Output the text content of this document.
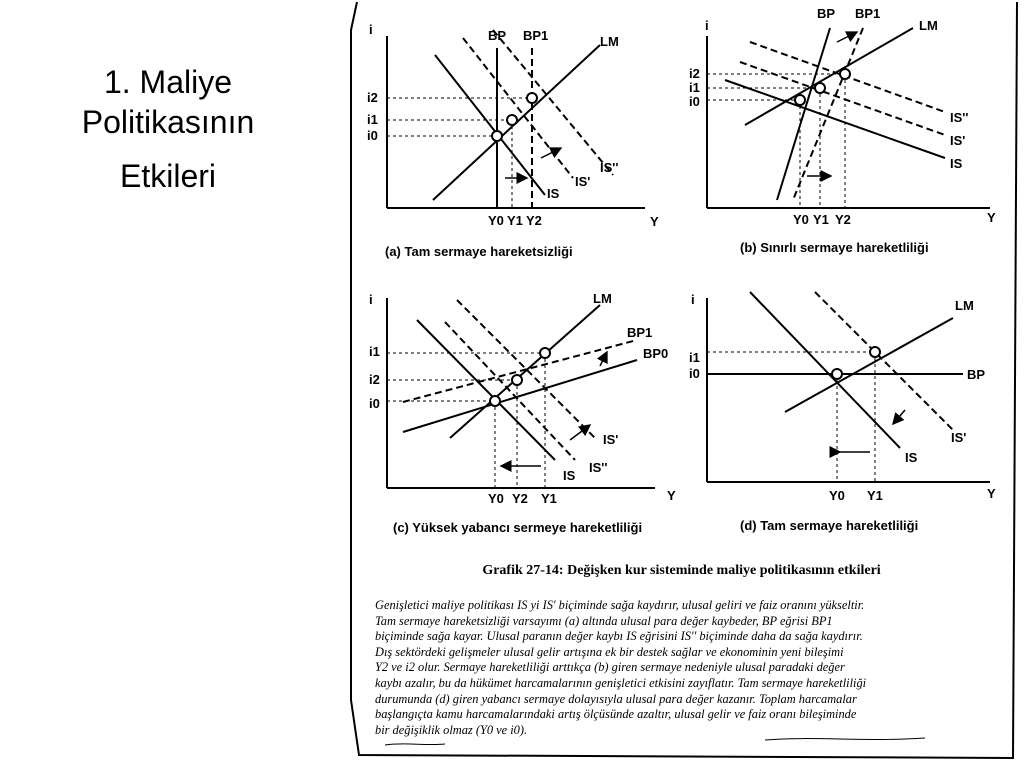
1. Maliye Politikasının
Etkileri
i
Y
BP BP1	LM
IS
IS'
IS''
i2
i1
i0
Y0 Y1 Y2
(a) Tam sermaye hareketsizliği
i
Y
BP BP1
LM
IS
IS'
IS''
i2
i1
i0
Y0 Y1 Y2
(b) Sınırlı sermaye hareketliliği
i
Y
LM
BP1
BP0
IS'
IS
IS''
i1
i2
i0
Y0 Y2 Y1
(c) Yüksek yabancı sermeye hareketliliği
i
Y
LM
BP
IS'
IS
i1
i0
Y0 Y1
(d) Tam sermaye hareketliliği
Grafik 27-14: Değişken kur sisteminde maliye politikasının etkileri
Genişletici maliye politikası IS yi IS' biçiminde sağa kaydırır, ulusal geliri ve faiz oranını yükseltir.
Tam sermaye hareketsizliği varsayımı (a) altında ulusal para değer kaybeder, BP eğrisi BP1
biçiminde sağa kayar. Ulusal paranın değer kaybı IS eğrisini IS'' biçiminde daha da sağa kaydırır.
Dış sektördeki gelişmeler ulusal gelir artışına ek bir destek sağlar ve ekonominin yeni bileşimi
Y2 ve i2 olur. Sermaye hareketliliği arttıkça (b) giren sermaye nedeniyle ulusal paradaki değer
kaybı azalır, bu da hükümet harcamalarının genişletici etkisini zayıflatır. Tam sermaye hareketliliği
durumunda (d) giren yabancı sermaye dolayısıyla ulusal para değer kazanır. Toplam harcamalar
başlangıçta kamu harcamalarındaki artış ölçüsünde azaltır, ulusal gelir ve faiz oranı bileşiminde
bir değişiklik olmaz (Y0 ve i0).
